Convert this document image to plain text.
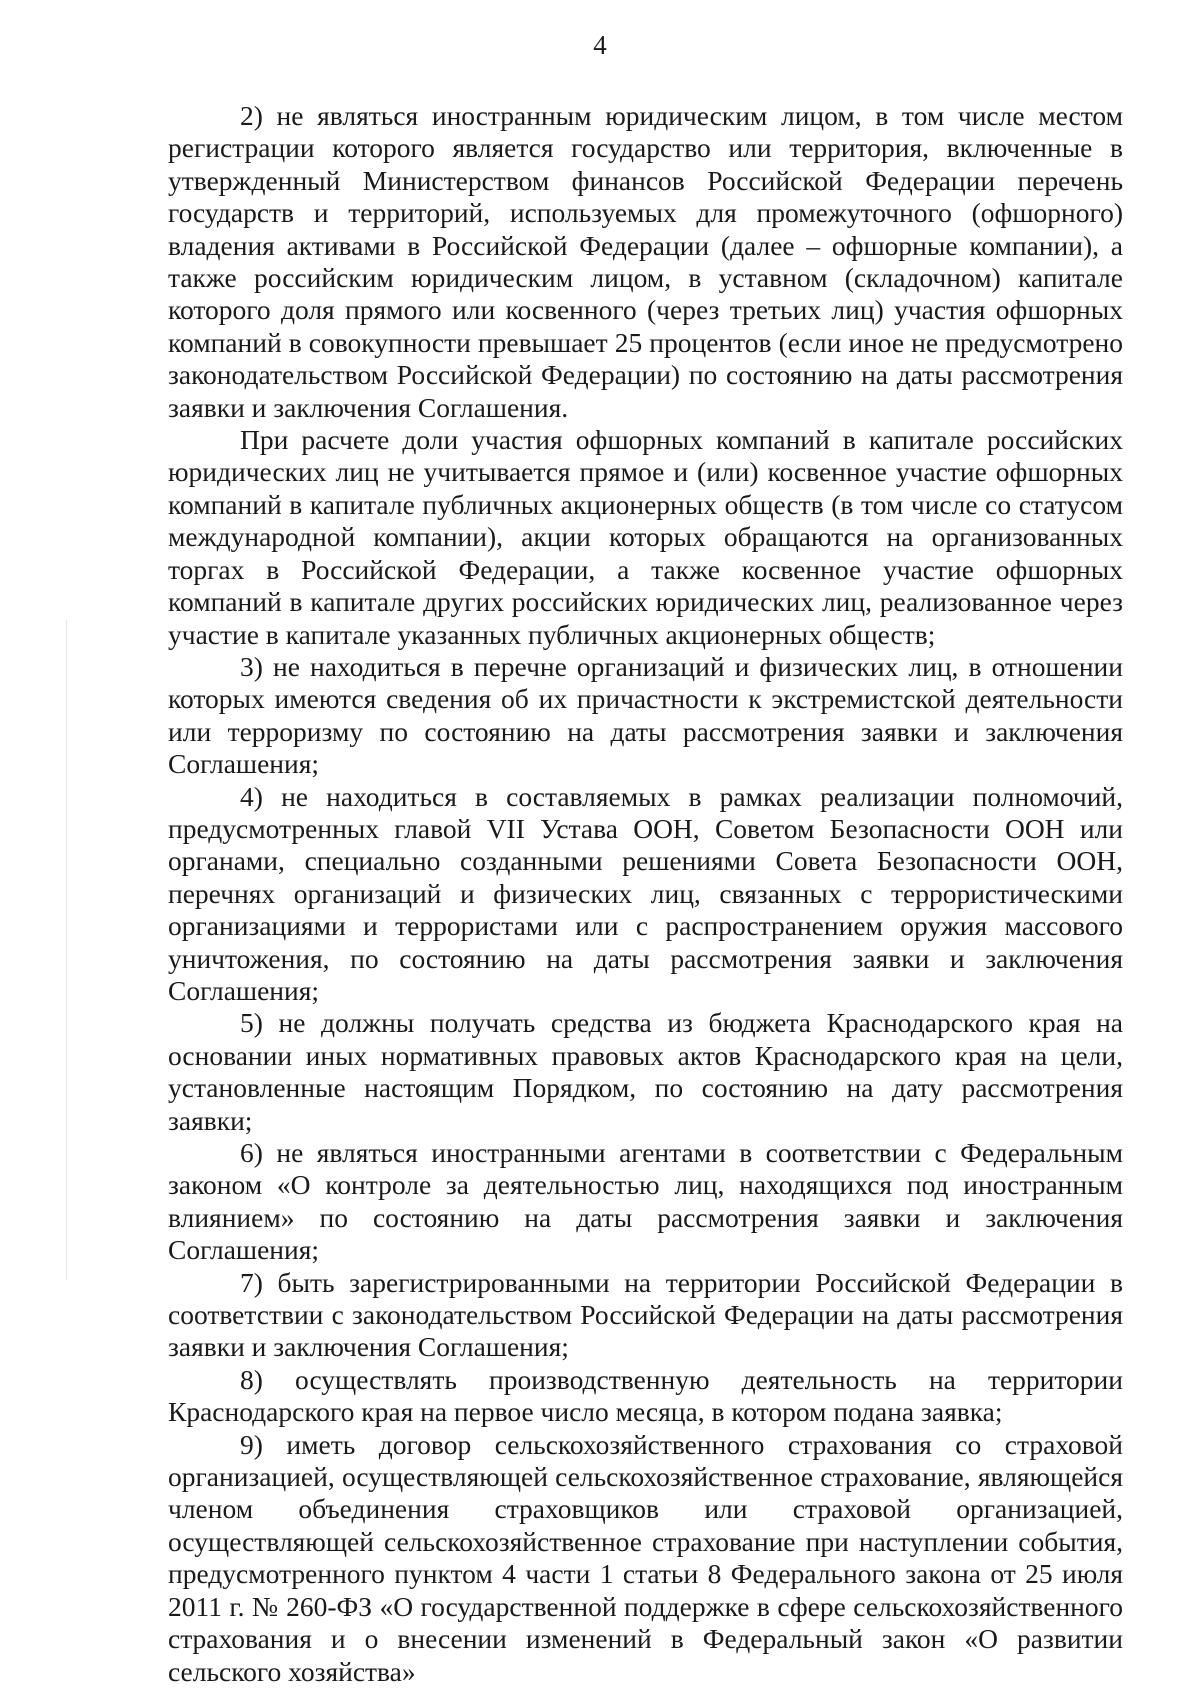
4

2) не являться иностранным юридическим лицом, в том числе местом регистрации которого является государство или территория, включенные в утвержденный Министерством финансов Российской Федерации перечень государств и территорий, используемых для промежуточного (офшорного) владения активами в Российской Федерации (далее – офшорные компании), а также российским юридическим лицом, в уставном (складочном) капитале которого доля прямого или косвенного (через третьих лиц) участия офшорных компаний в совокупности превышает 25 процентов (если иное не предусмотрено законодательством Российской Федерации) по состоянию на даты рассмотрения заявки и заключения Соглашения.

При расчете доли участия офшорных компаний в капитале российских юридических лиц не учитывается прямое и (или) косвенное участие офшорных компаний в капитале публичных акционерных обществ (в том числе со статусом международной компании), акции которых обращаются на организованных торгах в Российской Федерации, а также косвенное участие офшорных компаний в капитале других российских юридических лиц, реализованное через участие в капитале указанных публичных акционерных обществ;

3) не находиться в перечне организаций и физических лиц, в отношении которых имеются сведения об их причастности к экстремистской деятельности или терроризму по состоянию на даты рассмотрения заявки и заключения Соглашения;

4) не находиться в составляемых в рамках реализации полномочий, предусмотренных главой VII Устава ООН, Советом Безопасности ООН или органами, специально созданными решениями Совета Безопасности ООН, перечнях организаций и физических лиц, связанных с террористическими организациями и террористами или с распространением оружия массового уничтожения, по состоянию на даты рассмотрения заявки и заключения Соглашения;

5) не должны получать средства из бюджета Краснодарского края на основании иных нормативных правовых актов Краснодарского края на цели, установленные настоящим Порядком, по состоянию на дату рассмотрения заявки;

6) не являться иностранными агентами в соответствии с Федеральным законом «О контроле за деятельностью лиц, находящихся под иностранным влиянием» по состоянию на даты рассмотрения заявки и заключения Соглашения;

7) быть зарегистрированными на территории Российской Федерации в соответствии с законодательством Российской Федерации на даты рассмотрения заявки и заключения Соглашения;

8) осуществлять производственную деятельность на территории Краснодарского края на первое число месяца, в котором подана заявка;

9) иметь договор сельскохозяйственного страхования со страховой организацией, осуществляющей сельскохозяйственное страхование, являющейся членом объединения страховщиков или страховой организацией, осуществляющей сельскохозяйственное страхование при наступлении события, предусмотренного пунктом 4 части 1 статьи 8 Федерального закона от 25 июля 2011 г. № 260-ФЗ «О государственной поддержке в сфере сельскохозяйственного страхования и о внесении изменений в Федеральный закон «О развитии сельского хозяйства»
